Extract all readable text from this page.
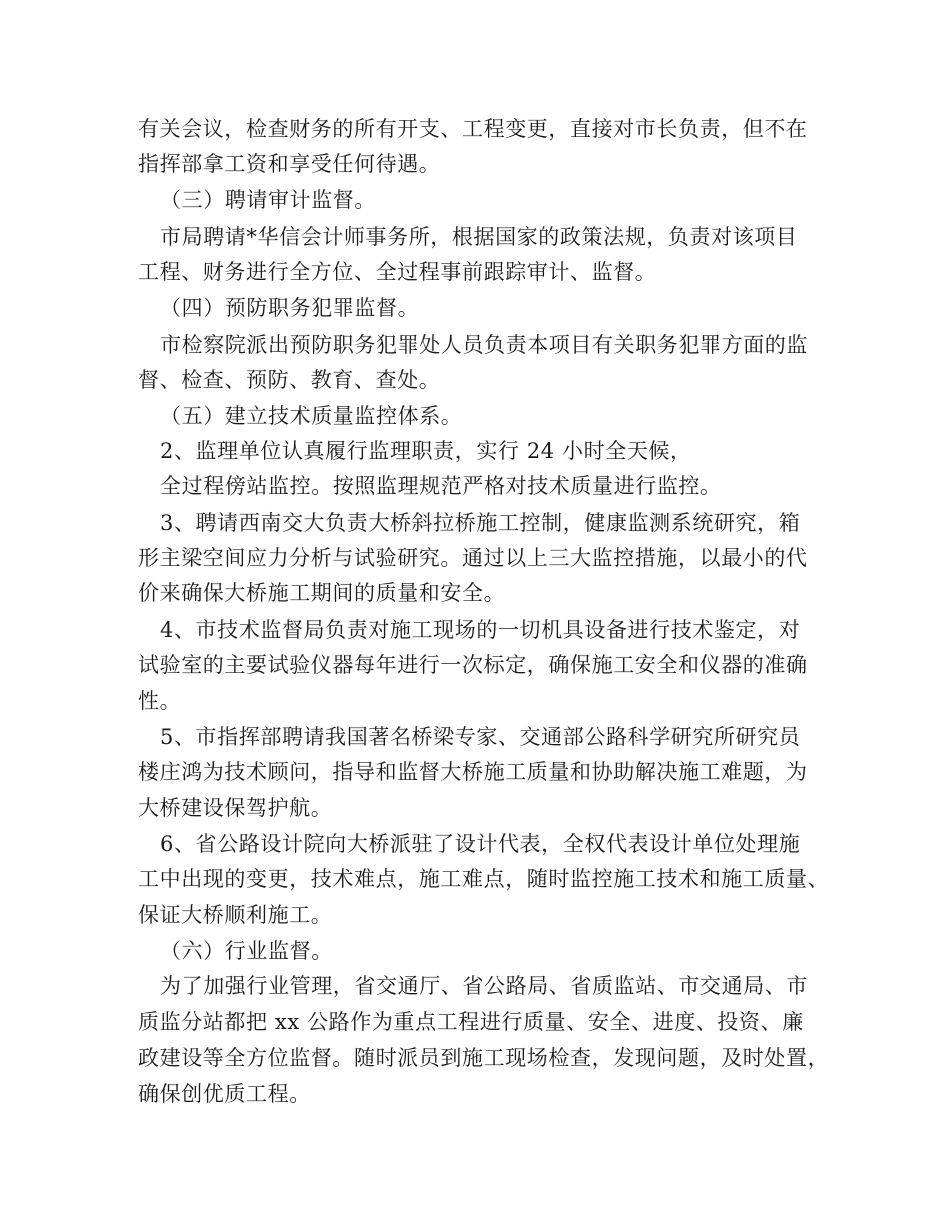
有关会议，检查财务的所有开支、工程变更，直接对市长负责，但不在
指挥部拿工资和享受任何待遇。
（三）聘请审计监督。
市局聘请*华信会计师事务所，根据国家的政策法规，负责对该项目
工程、财务进行全方位、全过程事前跟踪审计、监督。
（四）预防职务犯罪监督。
市检察院派出预防职务犯罪处人员负责本项目有关职务犯罪方面的监
督、检查、预防、教育、查处。
（五）建立技术质量监控体系。
2、监理单位认真履行监理职责，实行 24 小时全天候，
全过程傍站监控。按照监理规范严格对技术质量进行监控。
3、聘请西南交大负责大桥斜拉桥施工控制，健康监测系统研究，箱
形主梁空间应力分析与试验研究。通过以上三大监控措施，以最小的代
价来确保大桥施工期间的质量和安全。
4、市技术监督局负责对施工现场的一切机具设备进行技术鉴定，对
试验室的主要试验仪器每年进行一次标定，确保施工安全和仪器的准确
性。
5、市指挥部聘请我国著名桥梁专家、交通部公路科学研究所研究员
楼庄鸿为技术顾问，指导和监督大桥施工质量和协助解决施工难题，为
大桥建设保驾护航。
6、省公路设计院向大桥派驻了设计代表，全权代表设计单位处理施
工中出现的变更，技术难点，施工难点，随时监控施工技术和施工质量、
保证大桥顺利施工。
（六）行业监督。
为了加强行业管理，省交通厅、省公路局、省质监站、市交通局、市
质监分站都把 xx 公路作为重点工程进行质量、安全、进度、投资、廉
政建设等全方位监督。随时派员到施工现场检查，发现问题，及时处置，
确保创优质工程。
